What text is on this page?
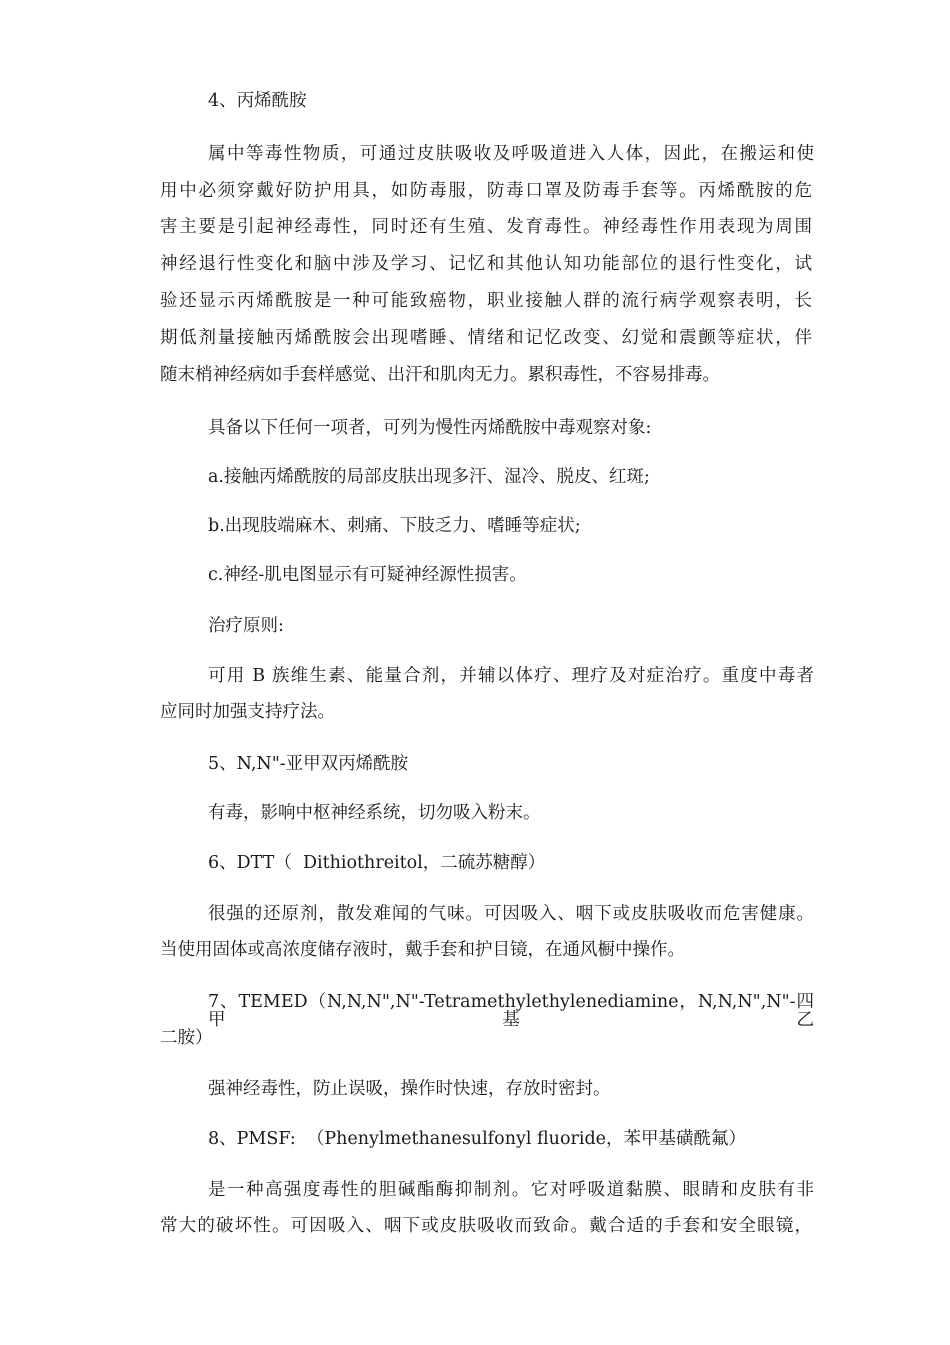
4、丙烯酰胺
属中等毒性物质，可通过皮肤吸收及呼吸道进入人体，因此，在搬运和使
用中必须穿戴好防护用具，如防毒服，防毒口罩及防毒手套等。丙烯酰胺的危
害主要是引起神经毒性，同时还有生殖、发育毒性。神经毒性作用表现为周围
神经退行性变化和脑中涉及学习、记忆和其他认知功能部位的退行性变化，试
验还显示丙烯酰胺是一种可能致癌物，职业接触人群的流行病学观察表明，长
期低剂量接触丙烯酰胺会出现嗜睡、情绪和记忆改变、幻觉和震颤等症状，伴
随末梢神经病如手套样感觉、出汗和肌肉无力。累积毒性，不容易排毒。
具备以下任何一项者，可列为慢性丙烯酰胺中毒观察对象:
a.接触丙烯酰胺的局部皮肤出现多汗、湿冷、脱皮、红斑;
b.出现肢端麻木、刺痛、下肢乏力、嗜睡等症状;
c.神经-肌电图显示有可疑神经源性损害。
治疗原则:
可用 B 族维生素、能量合剂，并辅以体疗、理疗及对症治疗。重度中毒者
应同时加强支持疗法。
5、N,N"-亚甲双丙烯酰胺
有毒，影响中枢神经系统，切勿吸入粉末。
6、DTT（  Dithiothreitol，二硫苏糖醇）
很强的还原剂，散发难闻的气味。可因吸入、咽下或皮肤吸收而危害健康。
当使用固体或高浓度储存液时，戴手套和护目镜，在通风橱中操作。
7、TEMED（N,N,N",N"-Tetramethylethylenediamine，N,N,N",N"-四甲基乙
二胺）
强神经毒性，防止误吸，操作时快速，存放时密封。
8、PMSF:  （Phenylmethanesulfonyl fluoride，苯甲基磺酰氟）
是一种高强度毒性的胆碱酯酶抑制剂。它对呼吸道黏膜、眼睛和皮肤有非
常大的破坏性。可因吸入、咽下或皮肤吸收而致命。戴合适的手套和安全眼镜，
